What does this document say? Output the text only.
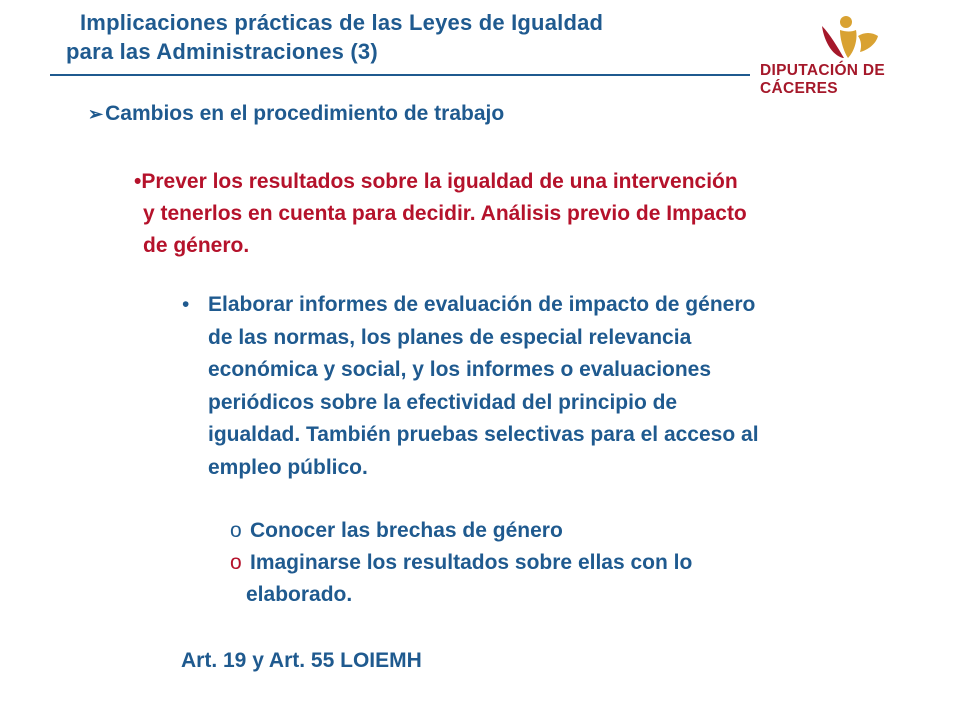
Implicaciones prácticas de las Leyes de Igualdad
para las Administraciones (3)
DIPUTACIÓN DE CÁCERES
➢Cambios en el procedimiento de trabajo
•Prever los resultados sobre la igualdad de una intervención
y tenerlos en cuenta para decidir. Análisis previo de Impacto
de género.
• Elaborar informes de evaluación de impacto de género
de las normas, los planes de especial relevancia
económica y social, y los informes o evaluaciones
periódicos sobre la efectividad del principio de
igualdad. También pruebas selectivas para el acceso al
empleo público.
o Conocer las brechas de género
o Imaginarse los resultados sobre ellas con lo
elaborado.
Art. 19 y Art. 55 LOIEMH
